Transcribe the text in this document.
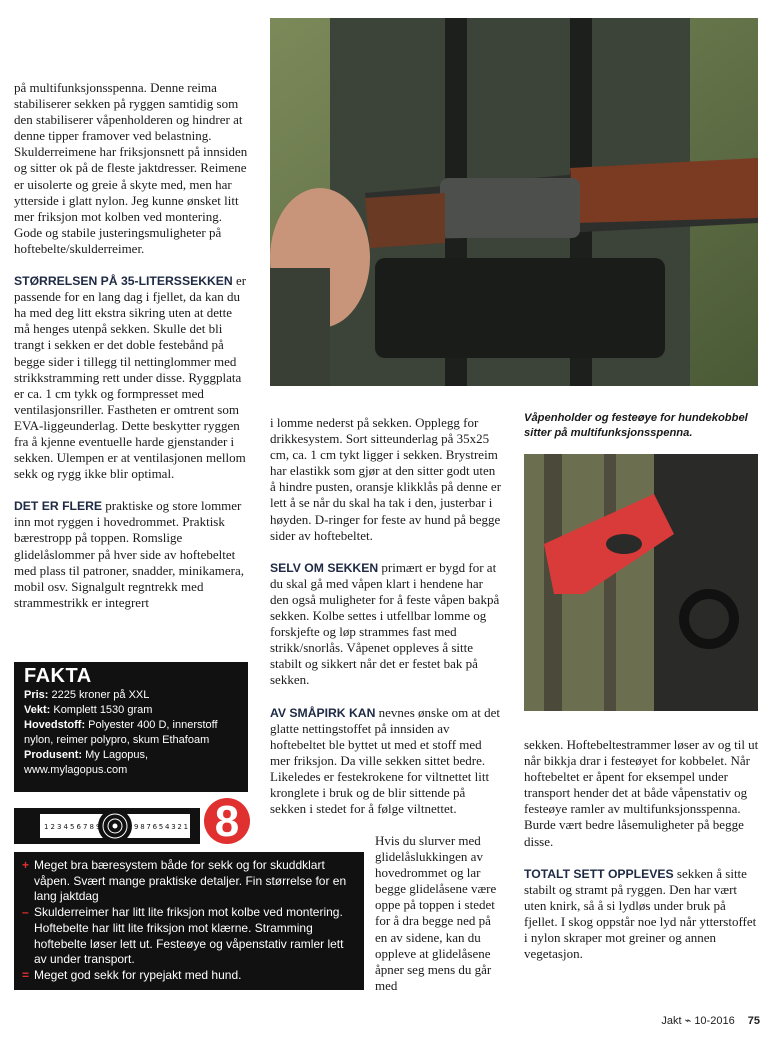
på multifunksjonsspenna. Denne reima stabiliserer sekken på ryggen samtidig som den stabiliserer våpenholderen og hindrer at denne tipper framover ved belastning. Skulderreimene har friksjonsnett på innsiden og sitter ok på de fleste jaktdresser. Reimene er uisolerte og greie å skyte med, men har ytterside i glatt nylon. Jeg kunne ønsket litt mer friksjon mot kolben ved montering. Gode og stabile justeringsmuligheter på hoftebelte/skulderreimer.

STØRRELSEN PÅ 35-LITERSSEKKEN er passende for en lang dag i fjellet, da kan du ha med deg litt ekstra sikring uten at dette må henges utenpå sekken. Skulle det bli trangt i sekken er det doble festebånd på begge sider i tillegg til nettinglommer med strikkstramming rett under disse. Ryggplata er ca. 1 cm tykk og formpresset med ventilasjonsriller. Fastheten er omtrent som EVA-liggeunderlag. Dette beskytter ryggen fra å kjenne eventuelle harde gjenstander i sekken. Ulempen er at ventilasjonen mellom sekk og rygg ikke blir optimal.

DET ER FLERE praktiske og store lommer inn mot ryggen i hovedrommet. Praktisk bærestropp på toppen. Romslige glidelåslommer på hver side av hoftebeltet med plass til patroner, snadder, minikamera, mobil osv. Signalgult regntrekk med strammestrikk er integrert

Våpenholder og festeøye for hundekobbel sitter på multifunksjonsspenna.

i lomme nederst på sekken. Opplegg for drikkesystem. Sort sitteunderlag på 35x25 cm, ca. 1 cm tykt ligger i sekken. Brystreim har elastikk som gjør at den sitter godt uten å hindre pusten, oransje klikklås på denne er lett å se når du skal ha tak i den, justerbar i høyden. D-ringer for feste av hund på begge sider av hoftebeltet.

SELV OM SEKKEN primært er bygd for at du skal gå med våpen klart i hendene har den også muligheter for å feste våpen bakpå sekken. Kolbe settes i utfellbar lomme og forskjefte og løp strammes fast med strikk/snorlås. Våpenet oppleves å sitte stabilt og sikkert når det er festet bak på sekken.

AV SMÅPIRK KAN nevnes ønske om at det glatte nettingstoffet på innsiden av hoftebeltet ble byttet ut med et stoff med mer friksjon. Da ville sekken sittet bedre. Likeledes er festekrokene for viltnettet litt kronglete i bruk og de blir sittende på sekken i stedet for å følge viltnettet.

Hvis du slurver med glidelåslukkingen av hovedrommet og lar begge glidelåsene være oppe på toppen i stedet for å dra begge ned på en av sidene, kan du oppleve at glidelåsene åpner seg mens du går med

sekken. Hoftebeltestrammer løser av og til ut når bikkja drar i festeøyet for kobbelet. Når hoftebeltet er åpent for eksempel under transport hender det at både våpenstativ og festeøye ramler av multifunksjonsspenna. Burde vært bedre låsemuligheter på begge disse.

TOTALT SETT OPPLEVES sekken å sitte stabilt og stramt på ryggen. Den har vært uten knirk, så å si lydløs under bruk på fjellet. I skog oppstår noe lyd når ytterstoffet i nylon skraper mot greiner og annen vegetasjon.

FAKTA
Pris: 2225 kroner på XXL
Vekt: Komplett 1530 gram
Hovedstoff: Polyester 400 D, innerstoff nylon, reimer polypro, skum Ethafoam
Produsent: My Lagopus,
www.mylagopus.com
1 2 3 4 5 6 7 8 9	9 8 7 6 5 4 3 2 1 8
+ Meget bra bæresystem både for sekk og for skuddklart våpen. Svært mange praktiske detaljer. Fin størrelse for en lang jaktdag
– Skulderreimer har litt lite friksjon mot kolbe ved montering. Hoftebelte har litt lite friksjon mot klærne. Stramming hoftebelte løser lett ut. Festeøye og våpenstativ ramler lett av under transport.
= Meget god sekk for rypejakt med hund.
Jakt ⌁ 10-2016 75
